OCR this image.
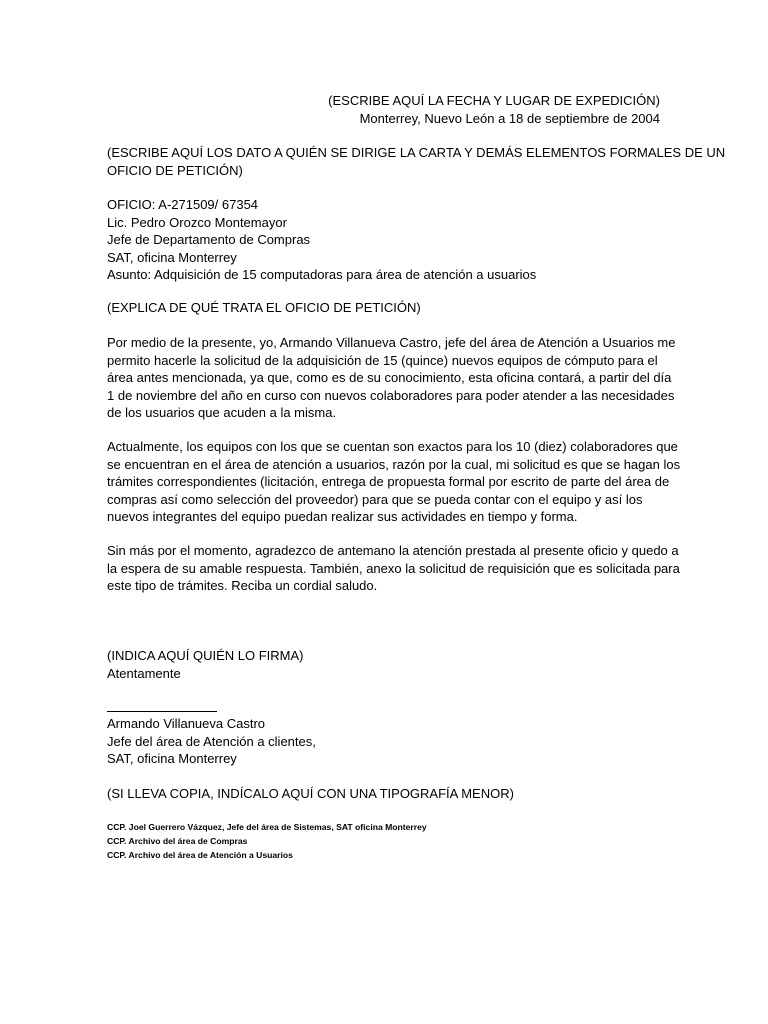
(ESCRIBE AQUÍ LA FECHA Y LUGAR DE EXPEDICIÓN)
Monterrey, Nuevo León a 18 de septiembre de 2004
(ESCRIBE AQUÍ LOS DATO A QUIÉN SE DIRIGE LA CARTA Y DEMÁS ELEMENTOS FORMALES DE UN
OFICIO DE PETICIÓN)
OFICIO: A-271509/ 67354
Lic. Pedro Orozco Montemayor
Jefe de Departamento de Compras
SAT, oficina Monterrey
Asunto: Adquisición de 15 computadoras para área de atención a usuarios
(EXPLICA DE QUÉ TRATA EL OFICIO DE PETICIÓN)
Por medio de la presente, yo, Armando Villanueva Castro, jefe del área de Atención a Usuarios me
permito hacerle la solicitud de la adquisición de 15 (quince) nuevos equipos de cómputo para el
área antes mencionada, ya que, como es de su conocimiento, esta oficina contará, a partir del día
1 de noviembre del año en curso con nuevos colaboradores para poder atender a las necesidades
de los usuarios que acuden a la misma.
Actualmente, los equipos con los que se cuentan son exactos para los 10 (diez) colaboradores que
se encuentran en el área de atención a usuarios, razón por la cual, mi solicitud es que se hagan los
trámites correspondientes (licitación, entrega de propuesta formal por escrito de parte del área de
compras así como selección del proveedor) para que se pueda contar con el equipo y así los
nuevos integrantes del equipo puedan realizar sus actividades en tiempo y forma.
Sin más por el momento, agradezco de antemano la atención prestada al presente oficio y quedo a
la espera de su amable respuesta. También, anexo la solicitud de requisición que es solicitada para
este tipo de trámites. Reciba un cordial saludo.
(INDICA AQUÍ QUIÉN LO FIRMA)
Atentamente
Armando Villanueva Castro
Jefe del área de Atención a clientes,
SAT, oficina Monterrey
(SI LLEVA COPIA, INDÍCALO AQUÍ CON UNA TIPOGRAFÍA MENOR)
CCP. Joel Guerrero Vázquez, Jefe del área de Sistemas, SAT oficina Monterrey
CCP. Archivo del área de Compras
CCP. Archivo del área de Atención a Usuarios
